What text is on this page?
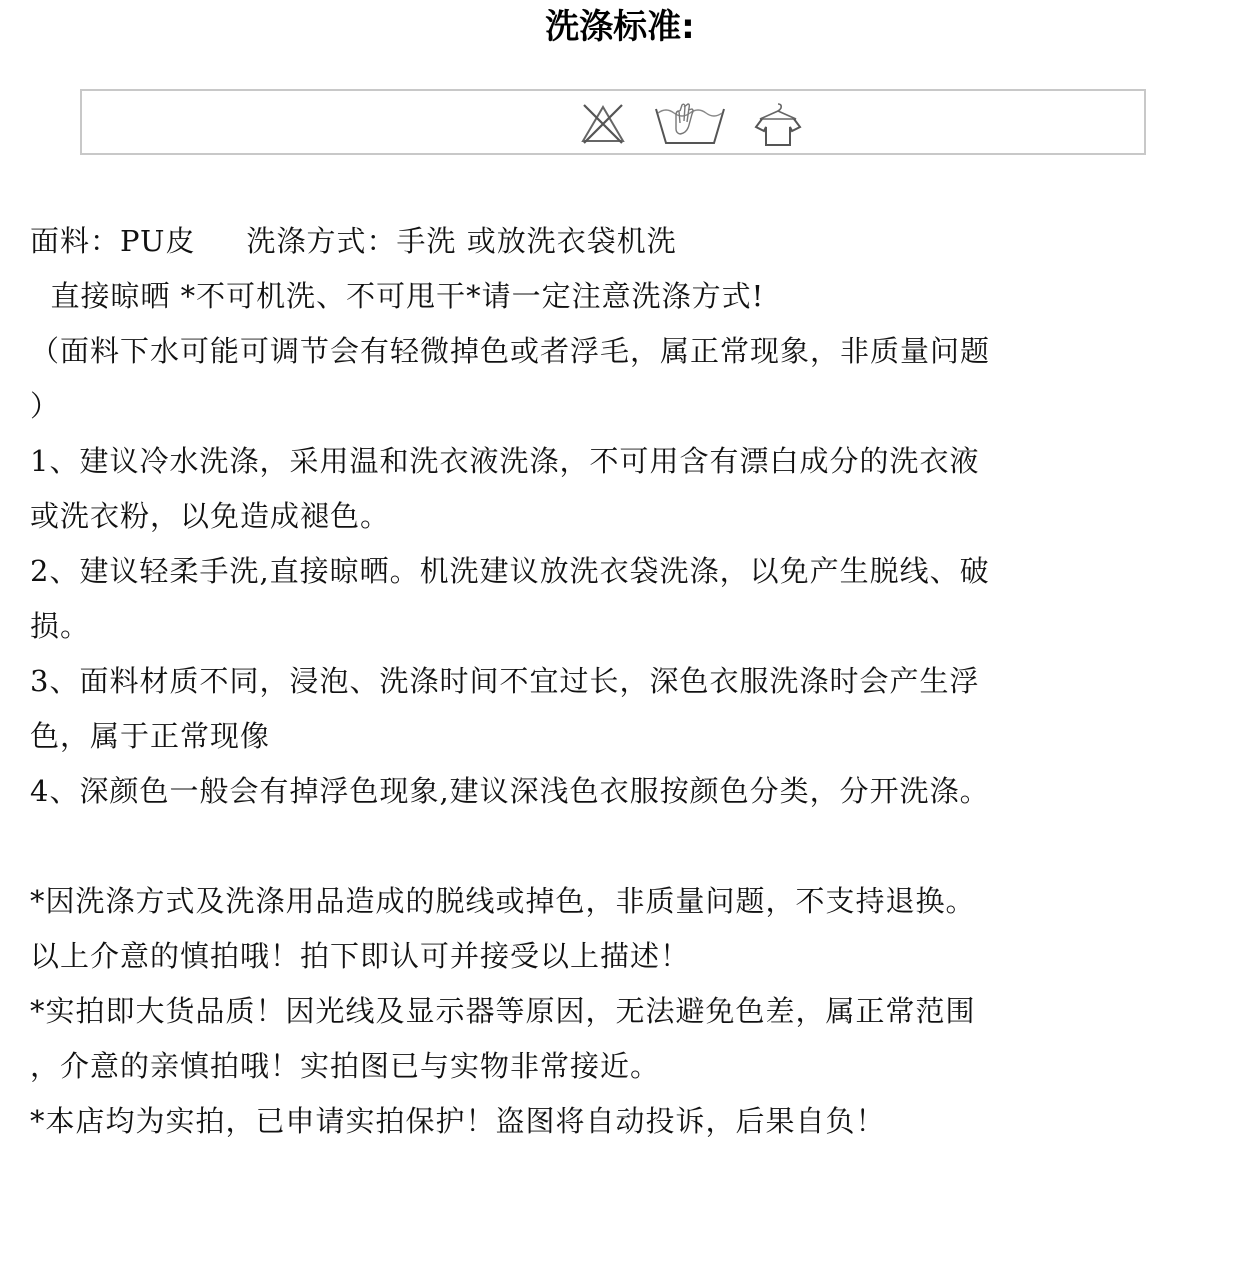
洗涤标准:

面料：PU皮     洗涤方式：手洗 或放洗衣袋机洗

直接晾晒 *不可机洗、不可甩干*请一定注意洗涤方式!

（面料下水可能可调节会有轻微掉色或者浮毛，属正常现象，非质量问题

）

1、建议冷水洗涤，采用温和洗衣液洗涤，不可用含有漂白成分的洗衣液

或洗衣粉，以免造成褪色。

2、建议轻柔手洗,直接晾晒。机洗建议放洗衣袋洗涤，以免产生脱线、破

损。

3、面料材质不同，浸泡、洗涤时间不宜过长，深色衣服洗涤时会产生浮

色，属于正常现像

4、深颜色一般会有掉浮色现象,建议深浅色衣服按颜色分类，分开洗涤。

*因洗涤方式及洗涤用品造成的脱线或掉色，非质量问题，不支持退换。

以上介意的慎拍哦！拍下即认可并接受以上描述！

*实拍即大货品质！因光线及显示器等原因，无法避免色差，属正常范围

，介意的亲慎拍哦！实拍图已与实物非常接近。

*本店均为实拍，已申请实拍保护！盗图将自动投诉，后果自负！
